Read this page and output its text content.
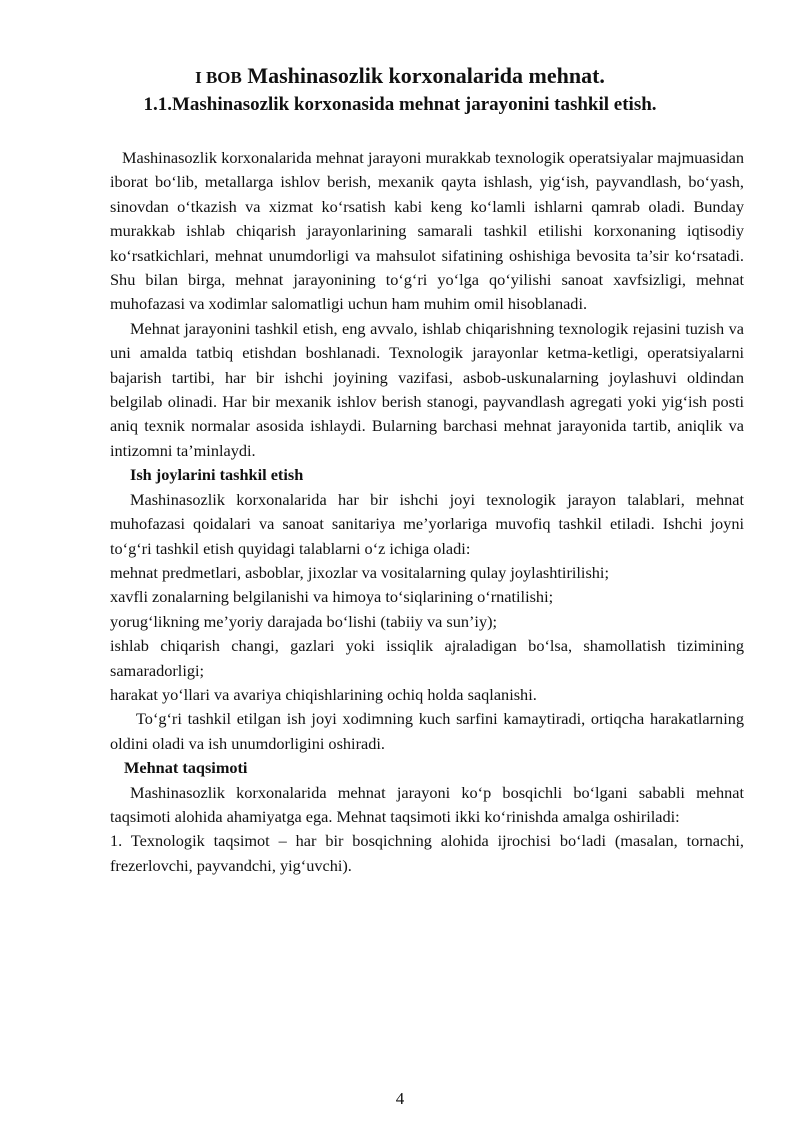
I BOB Mashinasozlik korxonalarida mehnat.
1.1.Mashinasozlik korxonasida mehnat jarayonini tashkil etish.

Mashinasozlik korxonalarida mehnat jarayoni murakkab texnologik operatsiyalar majmuasidan iborat bo‘lib, metallarga ishlov berish, mexanik qayta ishlash, yig‘ish, payvandlash, bo‘yash, sinovdan o‘tkazish va xizmat ko‘rsatish kabi keng ko‘lamli ishlarni qamrab oladi. Bunday murakkab ishlab chiqarish jarayonlarining samarali tashkil etilishi korxonaning iqtisodiy ko‘rsatkichlari, mehnat unumdorligi va mahsulot sifatining oshishiga bevosita ta’sir ko‘rsatadi. Shu bilan birga, mehnat jarayonining to‘g‘ri yo‘lga qo‘yilishi sanoat xavfsizligi, mehnat muhofazasi va xodimlar salomatligi uchun ham muhim omil hisoblanadi.

Mehnat jarayonini tashkil etish, eng avvalo, ishlab chiqarishning texnologik rejasini tuzish va uni amalda tatbiq etishdan boshlanadi. Texnologik jarayonlar ketma-ketligi, operatsiyalarni bajarish tartibi, har bir ishchi joyining vazifasi, asbob-uskunalarning joylashuvi oldindan belgilab olinadi. Har bir mexanik ishlov berish stanogi, payvandlash agregati yoki yig‘ish posti aniq texnik normalar asosida ishlaydi. Bularning barchasi mehnat jarayonida tartib, aniqlik va intizomni ta’minlaydi.

Ish joylarini tashkil etish

Mashinasozlik korxonalarida har bir ishchi joyi texnologik jarayon talablari, mehnat muhofazasi qoidalari va sanoat sanitariya me’yorlariga muvofiq tashkil etiladi. Ishchi joyni to‘g‘ri tashkil etish quyidagi talablarni o‘z ichiga oladi:

mehnat predmetlari, asboblar, jixozlar va vositalarning qulay joylashtirilishi;

xavfli zonalarning belgilanishi va himoya to‘siqlarining o‘rnatilishi;

yorug‘likning me’yoriy darajada bo‘lishi (tabiiy va sun’iy);

ishlab chiqarish changi, gazlari yoki issiqlik ajraladigan bo‘lsa, shamollatish tizimining samaradorligi;

harakat yo‘llari va avariya chiqishlarining ochiq holda saqlanishi.

To‘g‘ri tashkil etilgan ish joyi xodimning kuch sarfini kamaytiradi, ortiqcha harakatlarning oldini oladi va ish unumdorligini oshiradi.

Mehnat taqsimoti

Mashinasozlik korxonalarida mehnat jarayoni ko‘p bosqichli bo‘lgani sababli mehnat taqsimoti alohida ahamiyatga ega. Mehnat taqsimoti ikki ko‘rinishda amalga oshiriladi:

1. Texnologik taqsimot – har bir bosqichning alohida ijrochisi bo‘ladi (masalan, tornachi, frezerlovchi, payvandchi, yig‘uvchi).

4
